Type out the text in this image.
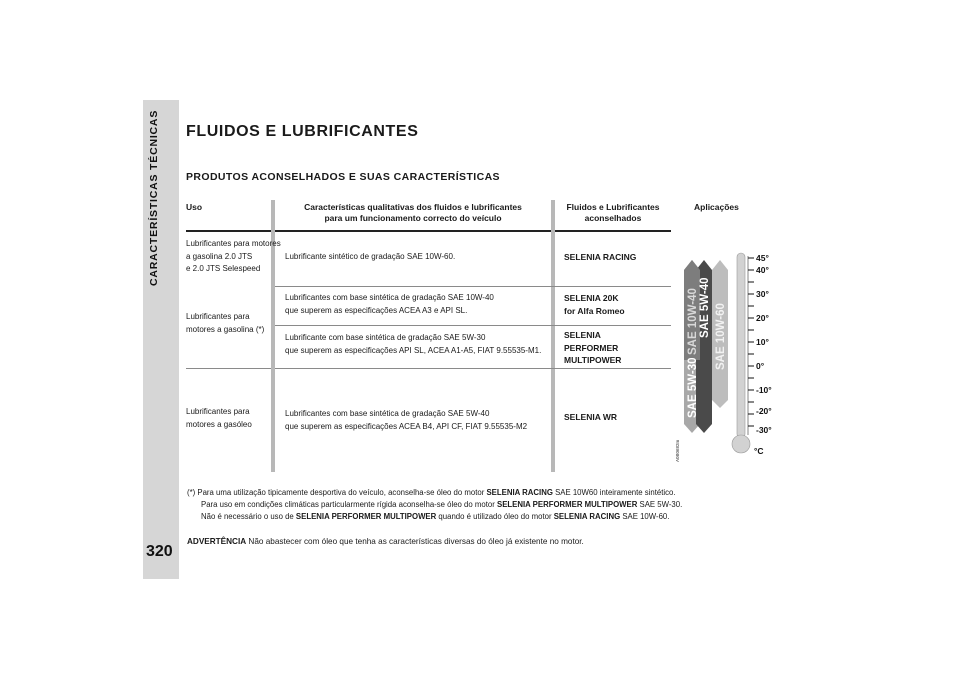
CARACTERÍSTICAS TÉCNICAS
320
FLUIDOS E LUBRIFICANTES
PRODUTOS ACONSELHADOS E SUAS CARACTERÍSTICAS
Uso	Características qualitativas dos fluidos e lubrificantes
para um funcionamento correcto do veículo
Fluidos e Lubrificantes
aconselhados
Aplicações
Lubrificantes para motores
a gasolina 2.0 JTS
e 2.0 JTS Selespeed
Lubrificante sintético de gradação SAE 10W-60.	SELENIA RACING
Lubrificantes para
motores a gasolina (*)
Lubrificantes com base sintética de gradação SAE 10W-40
que superem as especificações ACEA A3 e API SL.
SELENIA 20K
for Alfa Romeo
Lubrificante com base sintética de gradação SAE 5W-30
que superem as especificações API SL, ACEA A1-A5, FIAT 9.55535-M1.
SELENIA
PERFORMER
MULTIPOWER
Lubrificantes para
motores a gasóleo
Lubrificantes com base sintética de gradação SAE 5W-40
que superem as especificações ACEA B4, API CF, FIAT 9.55535-M2
SELENIA WR
SAE 10W-40
SAE 5W-30
SAE 5W-40 SAE 10W-60
45°
40°
30°
20°
10°
0°
-10°
-20°
-30°
°C
A0B0682m
(*) Para uma utilização tipicamente desportiva do veículo, aconselha-se óleo do motor SELENIA RACING SAE 10W60 inteiramente sintético.
Para uso em condições climáticas particularmente rígida aconselha-se óleo do motor SELENIA PERFORMER MULTIPOWER SAE 5W-30.
Não é necessário o uso de SELENIA PERFORMER MULTIPOWER quando é utilizado óleo do motor SELENIA RACING SAE 10W-60.
ADVERTÊNCIA Não abastecer com óleo que tenha as características diversas do óleo já existente no motor.
